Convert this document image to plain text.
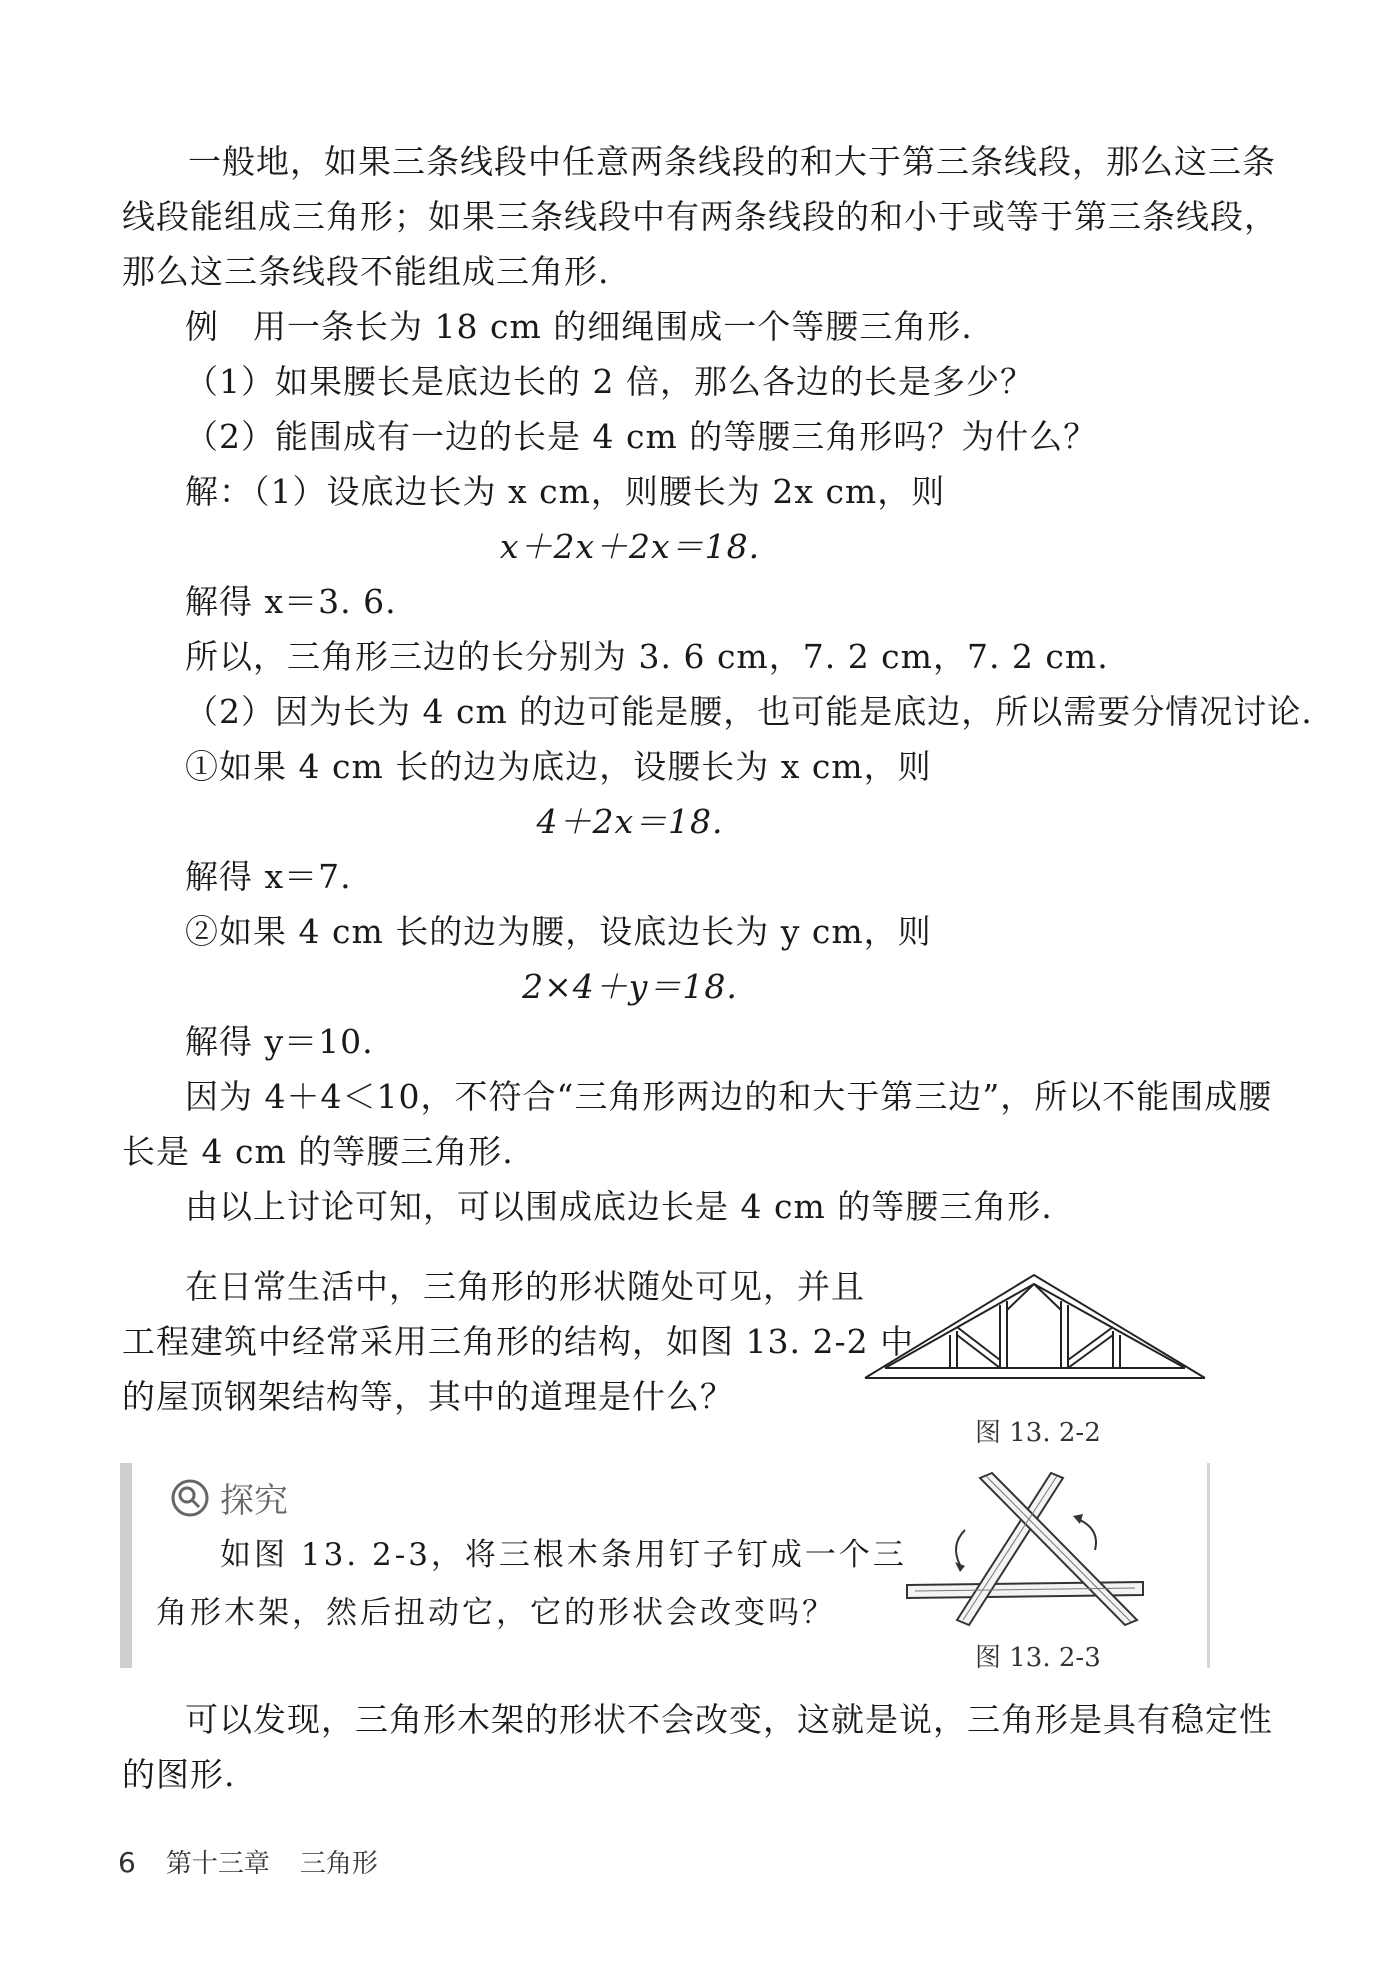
一般地，如果三条线段中任意两条线段的和大于第三条线段，那么这三条
线段能组成三角形；如果三条线段中有两条线段的和小于或等于第三条线段，
那么这三条线段不能组成三角形.
例　用一条长为 18 cm 的细绳围成一个等腰三角形.
（1）如果腰长是底边长的 2 倍，那么各边的长是多少？
（2）能围成有一边的长是 4 cm 的等腰三角形吗？为什么？
解：（1）设底边长为 x cm，则腰长为 2x cm，则
x＋2x＋2x＝18.
解得 x＝3. 6.
所以，三角形三边的长分别为 3. 6 cm，7. 2 cm，7. 2 cm.
（2）因为长为 4 cm 的边可能是腰，也可能是底边，所以需要分情况讨论.
①如果 4 cm 长的边为底边，设腰长为 x cm，则
4＋2x＝18.
解得 x＝7.
②如果 4 cm 长的边为腰，设底边长为 y cm，则
2×4＋y＝18.
解得 y＝10.
因为 4＋4＜10，不符合“三角形两边的和大于第三边”，所以不能围成腰
长是 4 cm 的等腰三角形.
由以上讨论可知，可以围成底边长是 4 cm 的等腰三角形.
在日常生活中，三角形的形状随处可见，并且
工程建筑中经常采用三角形的结构，如图 13. 2-2 中
的屋顶钢架结构等，其中的道理是什么？
图 13. 2-2
探究
如图 13. 2-3，将三根木条用钉子钉成一个三
角形木架，然后扭动它，它的形状会改变吗？
图 13. 2-3
可以发现，三角形木架的形状不会改变，这就是说，三角形是具有稳定性
的图形.
6 第十三章 三角形
